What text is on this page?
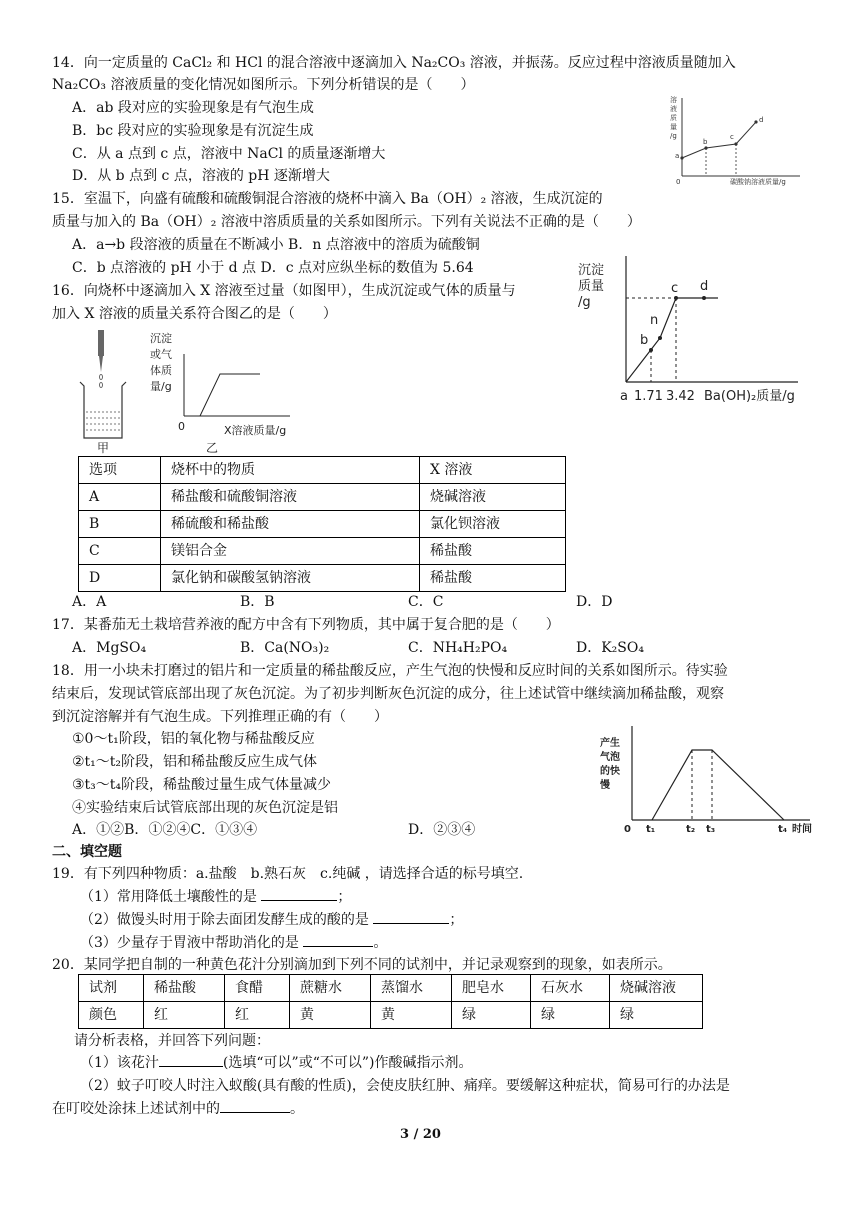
14．向一定质量的 CaCl₂ 和 HCl 的混合溶液中逐滴加入 Na₂CO₃ 溶液，并振荡。反应过程中溶液质量随加入
Na₂CO₃ 溶液质量的变化情况如图所示。下列分析错误的是（　　）
A．ab 段对应的实验现象是有气泡生成
B．bc 段对应的实验现象是有沉淀生成
C．从 a 点到 c 点，溶液中 NaCl 的质量逐渐增大
D．从 b 点到 c 点，溶液的 pH 逐渐增大
溶
液
质
量
/g
0	碳酸钠溶液质量/g
a
b
c
d
15．室温下，向盛有硫酸和硫酸铜混合溶液的烧杯中滴入 Ba（OH）₂ 溶液，生成沉淀的
质量与加入的 Ba（OH）₂ 溶液中溶质质量的关系如图所示。下列有关说法不正确的是（　　）
A．a→b 段溶液的质量在不断减小 B．n 点溶液中的溶质为硫酸铜
C．b 点溶液的 pH 小于 d 点 D．c 点对应纵坐标的数值为 5.64	沉淀
质量
/g
a
b
n
c d
1.71 3.42 Ba(OH)₂质量/g
16．向烧杯中逐滴加入 X 溶液至过量（如图甲），生成沉淀或气体的质量与
加入 X 溶液的质量关系符合图乙的是（　　）
甲
沉淀
或气
体质
量/g
0	X溶液质量/g
乙
选项	烧杯中的物质	X 溶液
A	稀盐酸和硫酸铜溶液	烧碱溶液
B	稀硫酸和稀盐酸	氯化钡溶液
C	镁铝合金	稀盐酸
D	氯化钠和碳酸氢钠溶液	稀盐酸
A．A	B．B	C．C	D．D
17．某番茄无土栽培营养液的配方中含有下列物质，其中属于复合肥的是（　　）
A．MgSO₄	B．Ca(NO₃)₂	C．NH₄H₂PO₄	D．K₂SO₄
18．用一小块未打磨过的铝片和一定质量的稀盐酸反应，产生气泡的快慢和反应时间的关系如图所示。待实验
结束后，发现试管底部出现了灰色沉淀。为了初步判断灰色沉淀的成分，往上述试管中继续滴加稀盐酸，观察
到沉淀溶解并有气泡生成。下列推理正确的有（　　）
①0～t₁阶段，铝的氧化物与稀盐酸反应
②t₁～t₂阶段，铝和稀盐酸反应生成气体
③t₃～t₄阶段，稀盐酸过量生成气体量减少
④实验结束后试管底部出现的灰色沉淀是铝
A．①②B．①②④C．①③④	D．②③④
产生
气泡
的快
慢
0 t₁	t₂ t₃	t₄ 时间
二、填空题
19．有下列四种物质：a.盐酸　b.熟石灰　c.纯碱 ，请选择合适的标号填空.
（1）常用降低土壤酸性的是	；
（2）做馒头时用于除去面团发酵生成的酸的是	；
（3）少量存于胃液中帮助消化的是	。
20．某同学把自制的一种黄色花汁分别滴加到下列不同的试剂中，并记录观察到的现象，如表所示。
试剂	稀盐酸	食醋	蔗糖水	蒸馏水	肥皂水	石灰水	烧碱溶液
颜色	红	红	黄	黄	绿	绿	绿
请分析表格，并回答下列问题：
（1）该花汁	(选填“可以”或“不可以”)作酸碱指示剂。
（2）蚊子叮咬人时注入蚁酸(具有酸的性质)，会使皮肤红肿、痛痒。要缓解这种症状，简易可行的办法是
在叮咬处涂抹上述试剂中的	。
3 / 20
